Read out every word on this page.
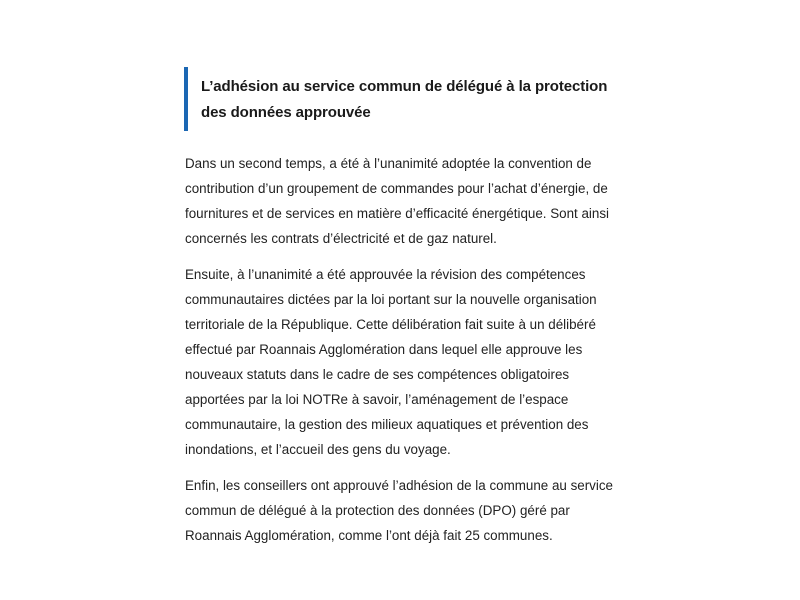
L’adhésion au service commun de délégué à la protection des données approuvée

Dans un second temps, a été à l’unanimité adoptée la convention de contribution d’un groupement de commandes pour l’achat d’énergie, de fournitures et de services en matière d’efficacité énergétique. Sont ainsi concernés les contrats d’électricité et de gaz naturel.

Ensuite, à l’unanimité a été approuvée la révision des compétences communautaires dictées par la loi portant sur la nouvelle organisation territoriale de la République. Cette délibération fait suite à un délibéré effectué par Roannais Agglomération dans lequel elle approuve les nouveaux statuts dans le cadre de ses compétences obligatoires apportées par la loi NOTRe à savoir, l’aménagement de l’espace communautaire, la gestion des milieux aquatiques et prévention des inondations, et l’accueil des gens du voyage.

Enfin, les conseillers ont approuvé l’adhésion de la commune au service commun de délégué à la protection des données (DPO) géré par Roannais Agglomération, comme l’ont déjà fait 25 communes.
